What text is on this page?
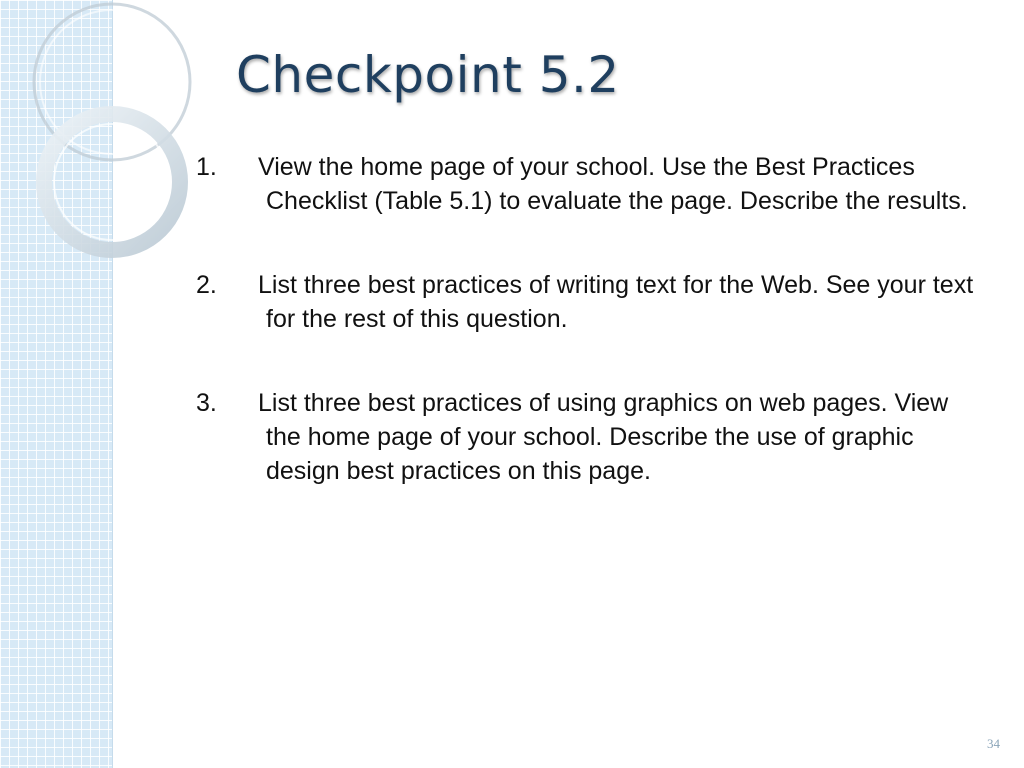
Checkpoint 5.2
1.	View the home page of your school. Use the Best Practices Checklist (Table 5.1) to evaluate the page. Describe the results.
2.	List three best practices of writing text for the Web. See your text for the rest of this question.
3.	List three best practices of using graphics on web pages. View the home page of your school. Describe the use of graphic design best practices on this page.
34
